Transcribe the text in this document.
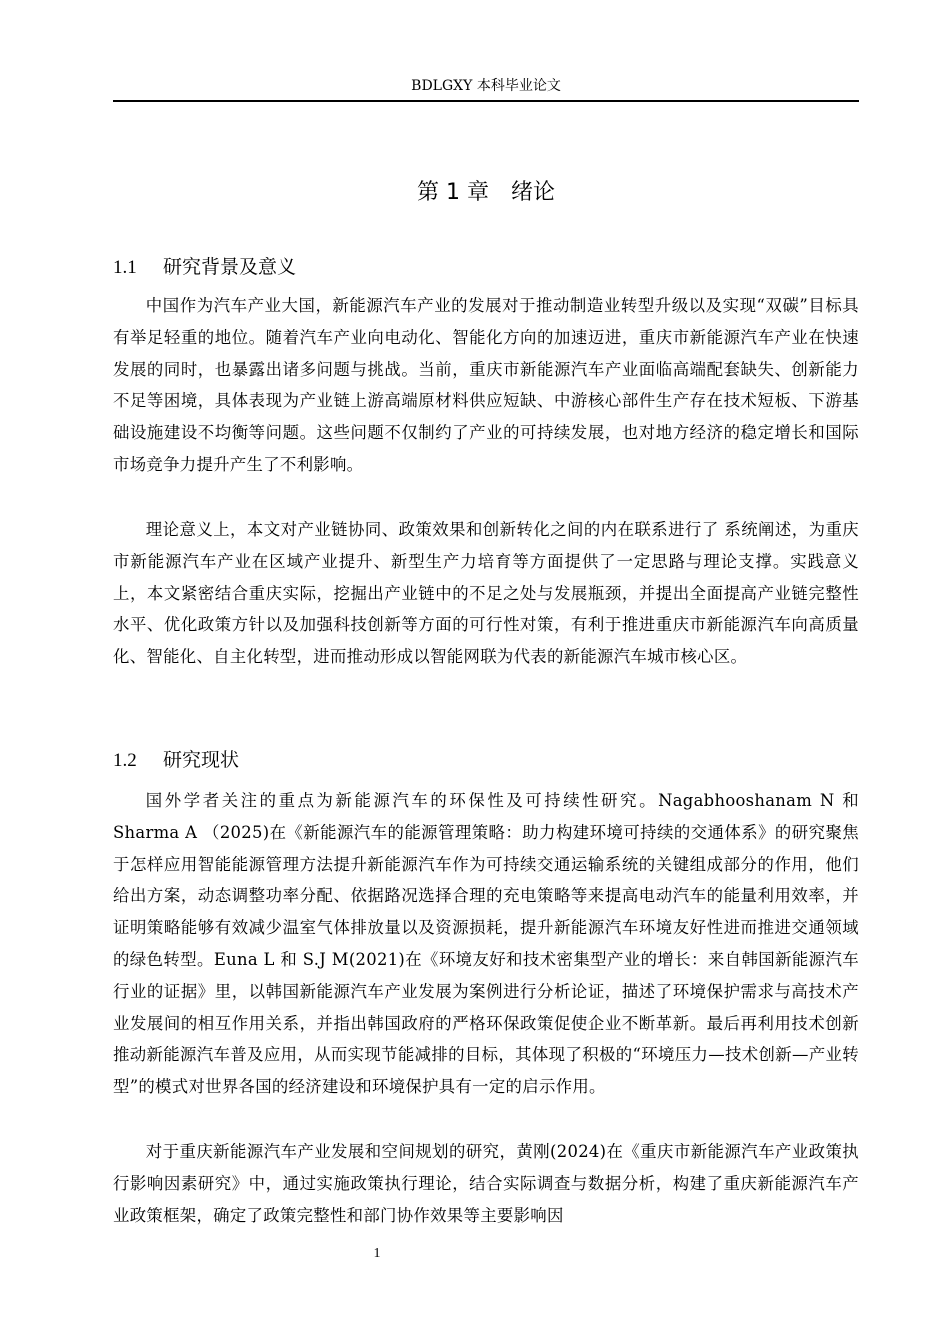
BDLGXY 本科毕业论文
第 1 章 绪论
1.1 研究背景及意义

中国作为汽车产业大国，新能源汽车产业的发展对于推动制造业转型升级以及实现“双碳”目标具有举足轻重的地位。随着汽车产业向电动化、智能化方向的加速迈进，重庆市新能源汽车产业在快速发展的同时，也暴露出诸多问题与挑战。当前，重庆市新能源汽车产业面临高端配套缺失、创新能力不足等困境，具体表现为产业链上游高端原材料供应短缺、中游核心部件生产存在技术短板、下游基础设施建设不均衡等问题。这些问题不仅制约了产业的可持续发展，也对地方经济的稳定增长和国际市场竞争力提升产生了不利影响。

理论意义上，本文对产业链协同、政策效果和创新转化之间的内在联系进行了 系统阐述，为重庆市新能源汽车产业在区域产业提升、新型生产力培育等方面提供了一定思路与理论支撑。实践意义上，本文紧密结合重庆实际，挖掘出产业链中的不足之处与发展瓶颈，并提出全面提高产业链完整性水平、优化政策方针以及加强科技创新等方面的可行性对策，有利于推进重庆市新能源汽车向高质量化、智能化、自主化转型，进而推动形成以智能网联为代表的新能源汽车城市核心区。

1.2 研究现状

国外学者关注的重点为新能源汽车的环保性及可持续性研究。Nagabhooshanam N 和 Sharma A （2025)在《新能源汽车的能源管理策略：助力构建环境可持续的交通体系》的研究聚焦于怎样应用智能能源管理方法提升新能源汽车作为可持续交通运输系统的关键组成部分的作用，他们给出方案，动态调整功率分配、依据路况选择合理的充电策略等来提高电动汽车的能量利用效率，并证明策略能够有效减少温室气体排放量以及资源损耗，提升新能源汽车环境友好性进而推进交通领域的绿色转型。Euna L 和 S.J M(2021)在《环境友好和技术密集型产业的增长：来自韩国新能源汽车行业的证据》里，以韩国新能源汽车产业发展为案例进行分析论证，描述了环境保护需求与高技术产业发展间的相互作用关系，并指出韩国政府的严格环保政策促使企业不断革新。最后再利用技术创新推动新能源汽车普及应用，从而实现节能减排的目标，其体现了积极的“环境压力—技术创新—产业转型”的模式对世界各国的经济建设和环境保护具有一定的启示作用。

对于重庆新能源汽车产业发展和空间规划的研究，黄刚(2024)在《重庆市新能源汽车产业政策执行影响因素研究》中，通过实施政策执行理论，结合实际调查与数据分析，构建了重庆新能源汽车产业政策框架，确定了政策完整性和部门协作效果等主要影响因

1
